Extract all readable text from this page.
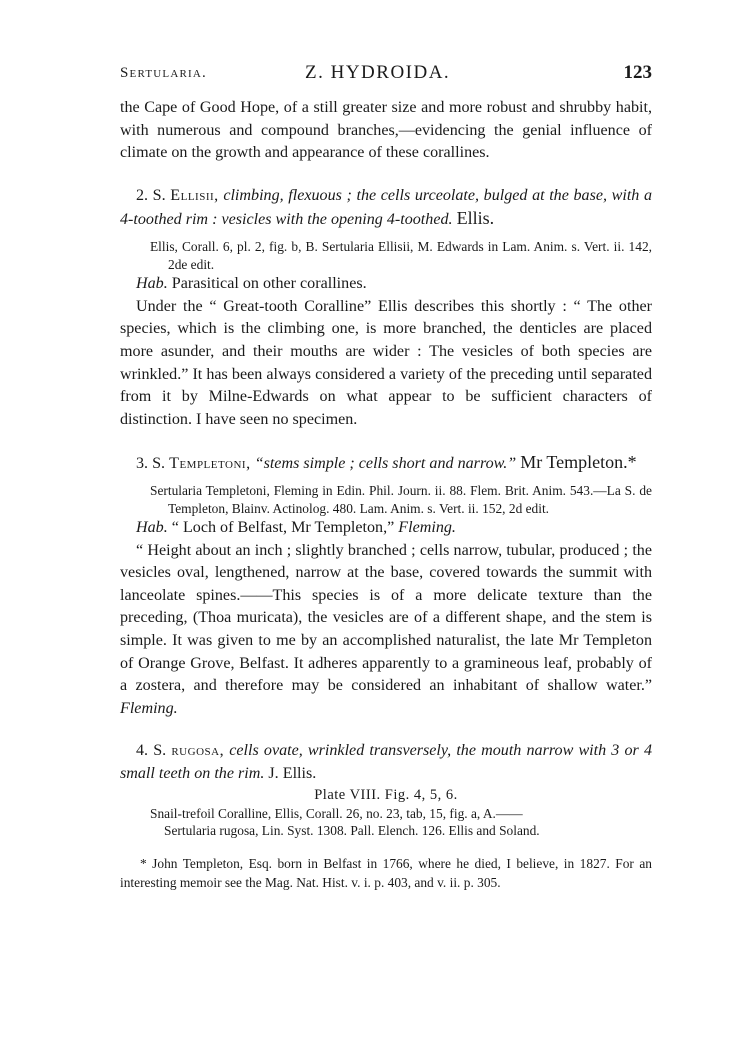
Sertularia.	Z. HYDROIDA.	123

the Cape of Good Hope, of a still greater size and more robust and shrubby habit, with numerous and compound branches,—evidencing the genial influence of climate on the growth and appearance of these corallines.

2. S. Ellisii, climbing, flexuous ; the cells urceolate, bulged at the base, with a 4-toothed rim : vesicles with the opening 4-toothed. Ellis.

Ellis, Corall. 6, pl. 2, fig. b, B. Sertularia Ellisii, M. Edwards in Lam. Anim. s. Vert. ii. 142, 2de edit.

Hab. Parasitical on other corallines.

Under the “ Great-tooth Coralline” Ellis describes this shortly : “ The other species, which is the climbing one, is more branched, the denticles are placed more asunder, and their mouths are wider : The vesicles of both species are wrinkled.” It has been always considered a variety of the preceding until separated from it by Milne-Edwards on what appear to be sufficient characters of distinction. I have seen no specimen.

3. S. Templetoni, “stems simple ; cells short and narrow.” Mr Templeton.*

Sertularia Templetoni, Fleming in Edin. Phil. Journ. ii. 88. Flem. Brit. Anim. 543.—La S. de Templeton, Blainv. Actinolog. 480. Lam. Anim. s. Vert. ii. 152, 2d edit.

Hab. “ Loch of Belfast, Mr Templeton,” Fleming.

“ Height about an inch ; slightly branched ; cells narrow, tubular, produced ; the vesicles oval, lengthened, narrow at the base, covered towards the summit with lanceolate spines.——This species is of a more delicate texture than the preceding, (Thoa muricata), the vesicles are of a different shape, and the stem is simple. It was given to me by an accomplished naturalist, the late Mr Templeton of Orange Grove, Belfast. It adheres apparently to a gramineous leaf, probably of a zostera, and therefore may be considered an inhabitant of shallow water.” Fleming.

4. S. rugosa, cells ovate, wrinkled transversely, the mouth narrow with 3 or 4 small teeth on the rim. J. Ellis.

Plate VIII. Fig. 4, 5, 6.

Snail-trefoil Coralline, Ellis, Corall. 26, no. 23, tab, 15, fig. a, A.——

Sertularia rugosa, Lin. Syst. 1308. Pall. Elench. 126. Ellis and Soland.

* John Templeton, Esq. born in Belfast in 1766, where he died, I believe, in 1827. For an interesting memoir see the Mag. Nat. Hist. v. i. p. 403, and v. ii. p. 305.
